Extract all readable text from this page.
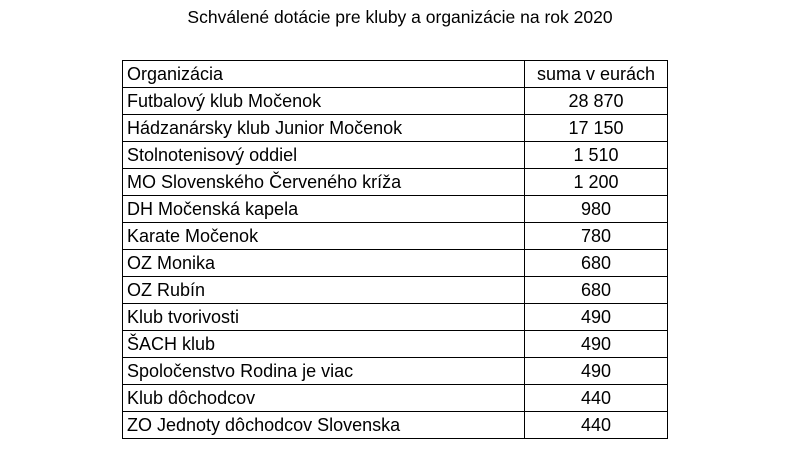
Schválené dotácie pre kluby a organizácie na rok 2020
Organizácia	suma v eurách
Futbalový klub Močenok	28 870
Hádzanársky klub Junior Močenok	17 150
Stolnotenisový oddiel	1 510
MO Slovenského Červeného kríža	1 200
DH Močenská kapela	980
Karate Močenok	780
OZ Monika	680
OZ Rubín	680
Klub tvorivosti	490
ŠACH klub	490
Spoločenstvo Rodina je viac	490
Klub dôchodcov	440
ZO Jednoty dôchodcov Slovenska	440
